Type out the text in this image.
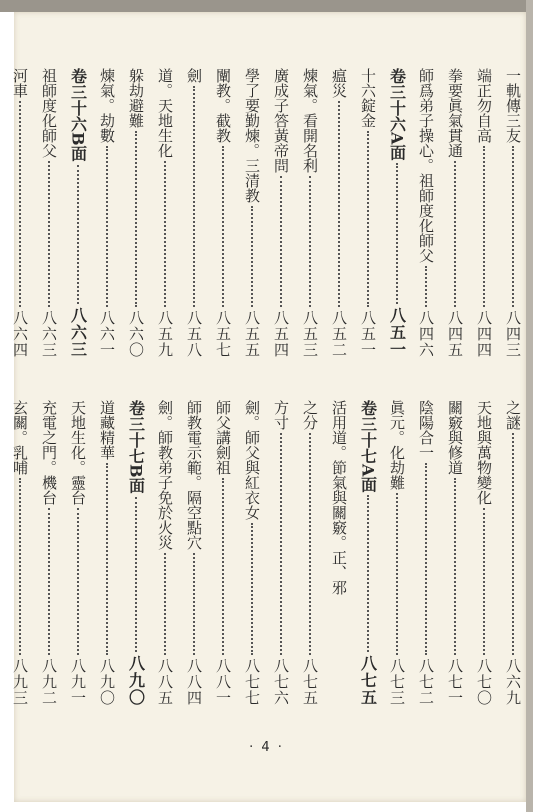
一軌傳三友
八四三
端正勿自高
八四四
拳要眞氣貫通
八四五
師爲弟子操心。祖師度化師父
八四六
卷三十六A面
八五一
十六錠金
八五一
瘟災
八五二
煉氣。看開名利
八五三
廣成子答黃帝問
八五四
學了要勤煉。三清教
八五五
闡教。截教
八五七
劍
八五八
道。天地生化
八五九
躲劫避難
八六〇
煉氣。劫數
八六一
卷三十六B面
八六三
祖師度化師父
八六三
河車
八六四
之謎
八六九
天地與萬物變化
八七〇
關竅與修道
八七一
陰陽合一
八七二
眞元。化劫難
八七三
卷三十七A面
八七五
活用道。節氣與關竅。正、邪
之分
八七五
方寸
八七六
劍。師父與紅衣女
八七七
師父講劍祖
八八一
師教電示範。隔空點穴
八八四
劍。師教弟子免於火災
八八五
卷三十七B面
八九〇
道藏精華
八九〇
天地生化。靈台
八九一
充電之門。機台
八九二
玄關。乳哺
八九三
· 4 ·
